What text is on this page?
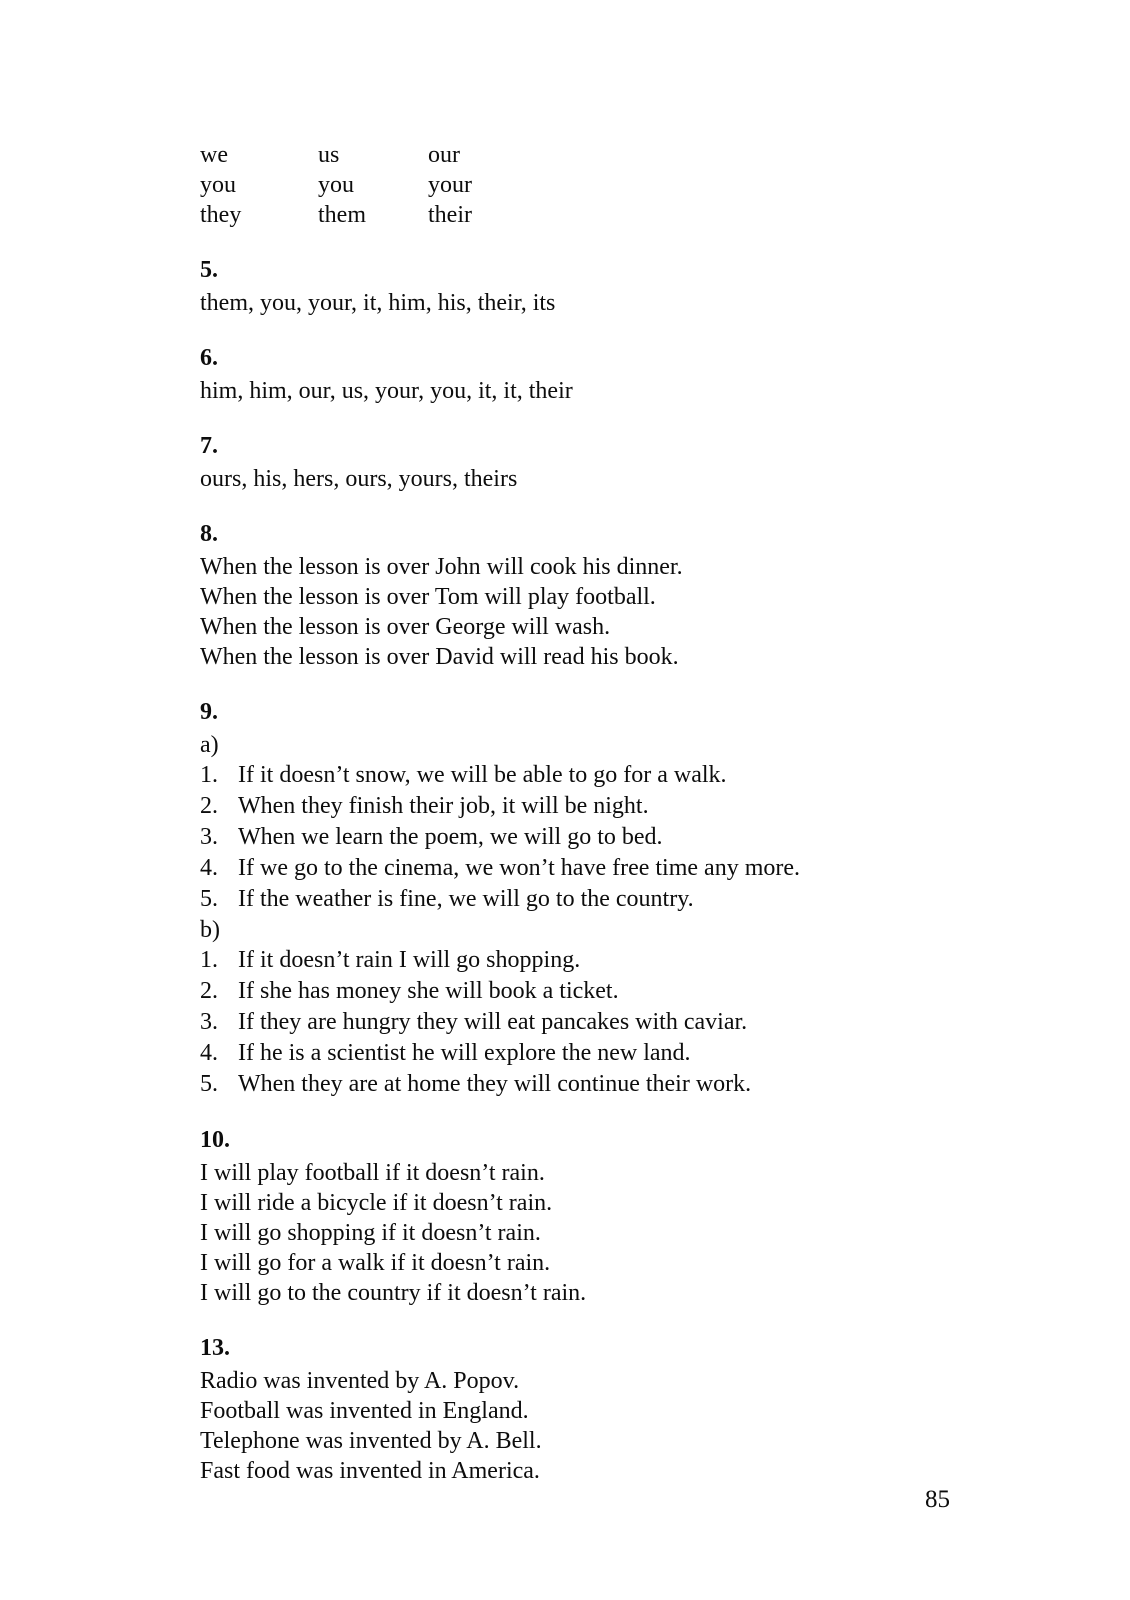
we	us	our
you	you	your
they	them	their
5.
them, you, your, it, him, his, their, its
6.
him, him, our, us, your, you, it, it, their
7.
ours, his, hers, ours, yours, theirs
8.
When the lesson is over John will cook his dinner.
When the lesson is over Tom will play football.
When the lesson is over George will wash.
When the lesson is over David will read his book.
9.
a)
1. If it doesn’t snow, we will be able to go for a walk.
2. When they finish their job, it will be night.
3. When we learn the poem, we will go to bed.
4. If we go to the cinema, we won’t have free time any more.
5. If the weather is fine, we will go to the country.
b)
1. If it doesn’t rain I will go shopping.
2. If she has money she will book a ticket.
3. If they are hungry they will eat pancakes with caviar.
4. If he is a scientist he will explore the new land.
5. When they are at home they will continue their work.
10.
I will play football if it doesn’t rain.
I will ride a bicycle if it doesn’t rain.
I will go shopping if it doesn’t rain.
I will go for a walk if it doesn’t rain.
I will go to the country if it doesn’t rain.
13.
Radio was invented by A. Popov.
Football was invented in England.
Telephone was invented by A. Bell.
Fast food was invented in America.
85
